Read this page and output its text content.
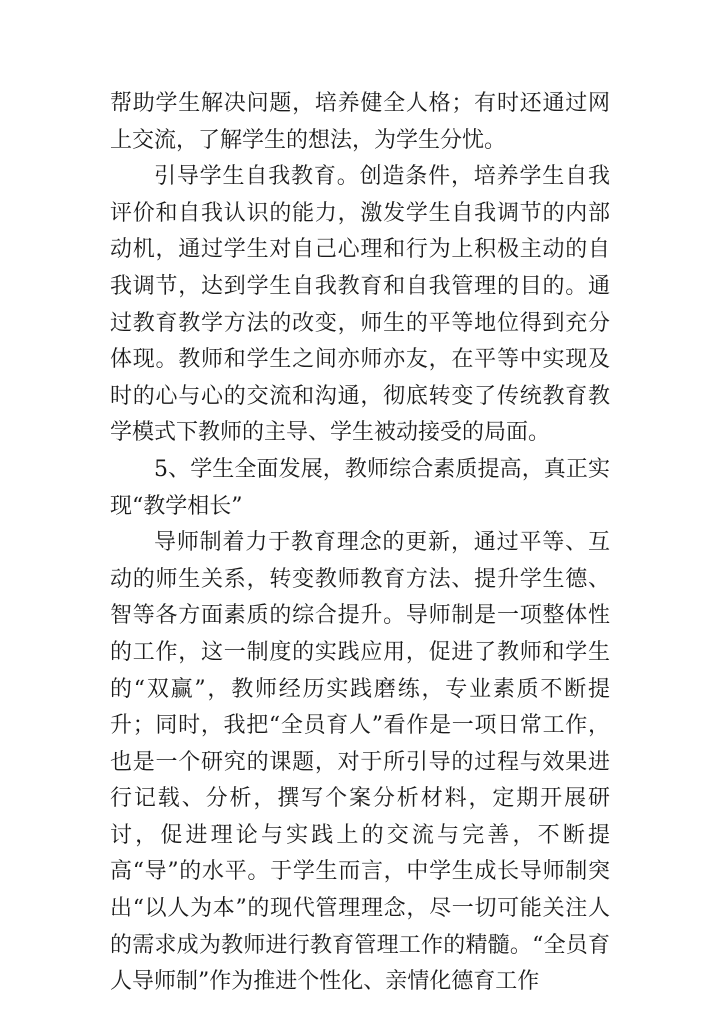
帮助学生解决问题，培养健全人格；有时还通过网上交流，了解学生的想法，为学生分忧。

引导学生自我教育。创造条件，培养学生自我评价和自我认识的能力，激发学生自我调节的内部动机，通过学生对自己心理和行为上积极主动的自我调节，达到学生自我教育和自我管理的目的。通过教育教学方法的改变，师生的平等地位得到充分体现。教师和学生之间亦师亦友，在平等中实现及时的心与心的交流和沟通，彻底转变了传统教育教学模式下教师的主导、学生被动接受的局面。

5、学生全面发展，教师综合素质提高，真正实现“教学相长”

导师制着力于教育理念的更新，通过平等、互动的师生关系，转变教师教育方法、提升学生德、智等各方面素质的综合提升。导师制是一项整体性的工作，这一制度的实践应用，促进了教师和学生的“双赢”，教师经历实践磨练，专业素质不断提升；同时，我把“全员育人”看作是一项日常工作，也是一个研究的课题，对于所引导的过程与效果进行记载、分析，撰写个案分析材料，定期开展研讨，促进理论与实践上的交流与完善，不断提高“导”的水平。于学生而言，中学生成长导师制突出“以人为本”的现代管理理念，尽一切可能关注人的需求成为教师进行教育管理工作的精髓。“全员育人导师制”作为推进个性化、亲情化德育工作
